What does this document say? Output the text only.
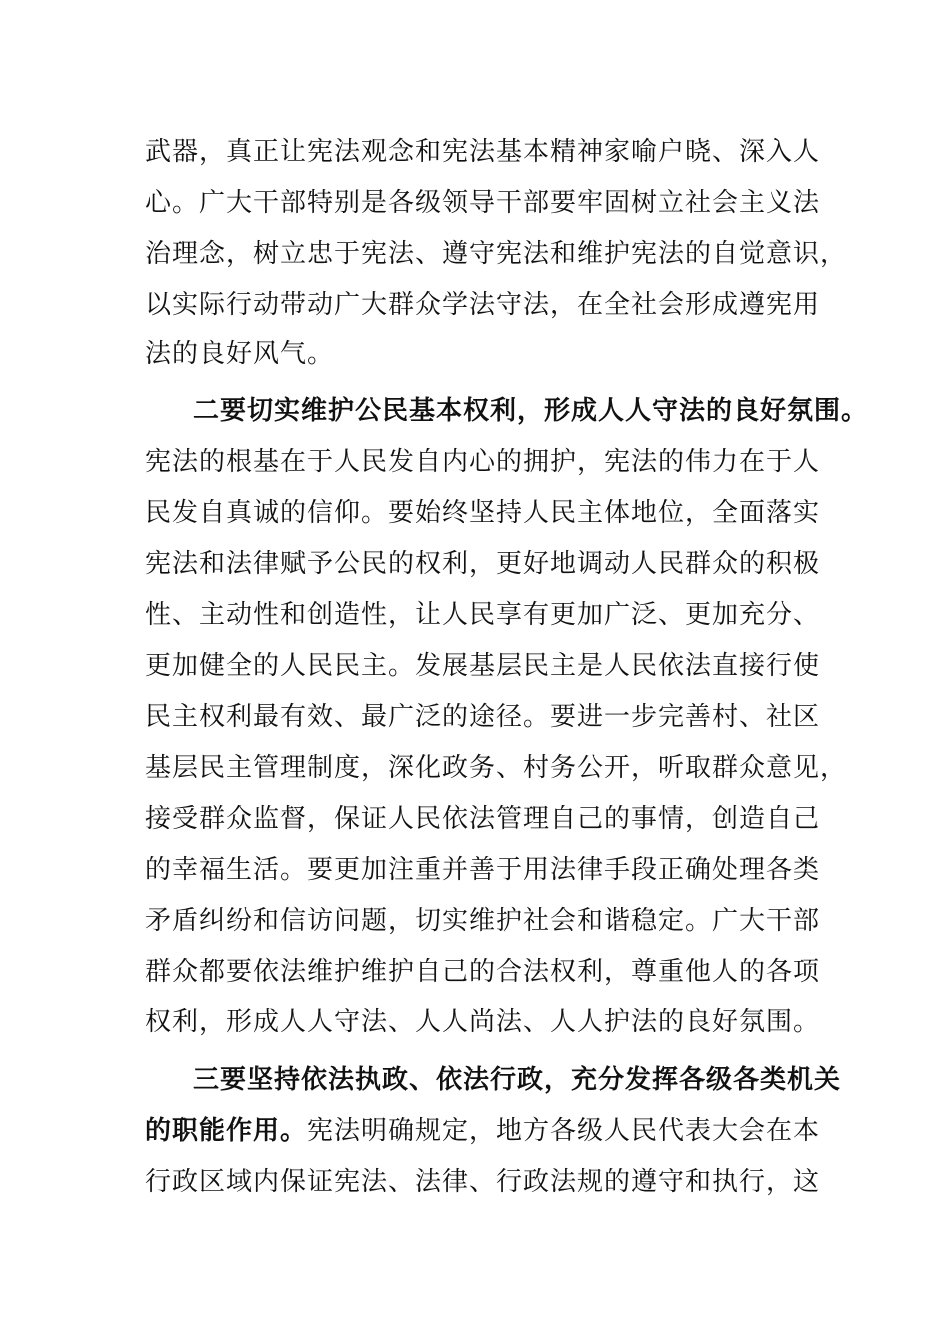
武器，真正让宪法观念和宪法基本精神家喻户晓、深入人
心。广大干部特别是各级领导干部要牢固树立社会主义法
治理念，树立忠于宪法、遵守宪法和维护宪法的自觉意识，
以实际行动带动广大群众学法守法，在全社会形成遵宪用
法的良好风气。
二要切实维护公民基本权利，形成人人守法的良好氛围。
宪法的根基在于人民发自内心的拥护，宪法的伟力在于人
民发自真诚的信仰。要始终坚持人民主体地位，全面落实
宪法和法律赋予公民的权利，更好地调动人民群众的积极
性、主动性和创造性，让人民享有更加广泛、更加充分、
更加健全的人民民主。发展基层民主是人民依法直接行使
民主权利最有效、最广泛的途径。要进一步完善村、社区
基层民主管理制度，深化政务、村务公开，听取群众意见，
接受群众监督，保证人民依法管理自己的事情，创造自己
的幸福生活。要更加注重并善于用法律手段正确处理各类
矛盾纠纷和信访问题，切实维护社会和谐稳定。广大干部
群众都要依法维护维护自己的合法权利，尊重他人的各项
权利，形成人人守法、人人尚法、人人护法的良好氛围。
三要坚持依法执政、依法行政，充分发挥各级各类机关
的职能作用。宪法明确规定，地方各级人民代表大会在本
行政区域内保证宪法、法律、行政法规的遵守和执行，这
